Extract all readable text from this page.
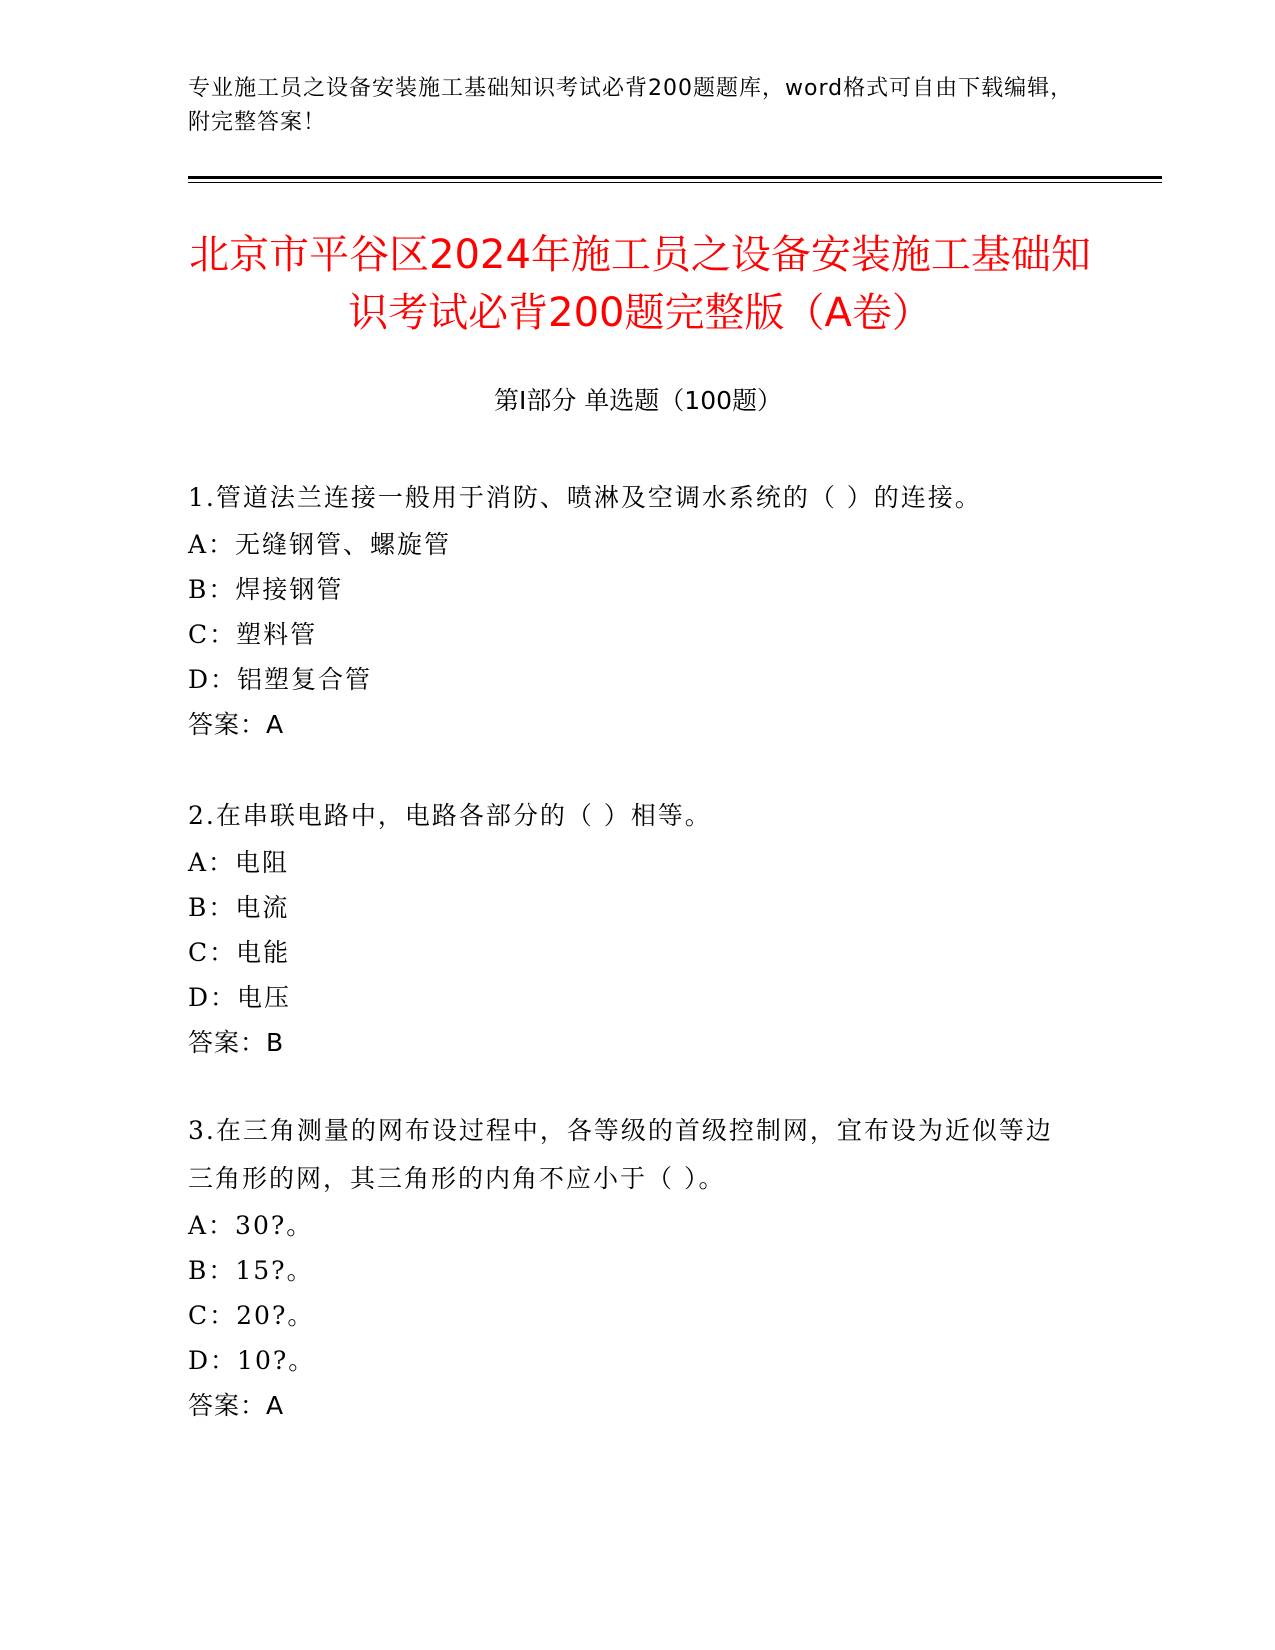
专业施工员之设备安装施工基础知识考试必背200题题库，word格式可自由下载编辑，附完整答案！
北京市平谷区2024年施工员之设备安装施工基础知识考试必背200题完整版（A卷）
第I部分 单选题（100题）

1.管道法兰连接一般用于消防、喷淋及空调水系统的（ ）的连接。

A：无缝钢管、螺旋管

B：焊接钢管

C：塑料管

D：铝塑复合管

答案：A

2.在串联电路中，电路各部分的（ ）相等。

A：电阻

B：电流

C：电能

D：电压

答案：B

3.在三角测量的网布设过程中，各等级的首级控制网，宜布设为近似等边三角形的网，其三角形的内角不应小于（ ）。

A：30?。

B：15?。

C：20?。

D：10?。

答案：A
